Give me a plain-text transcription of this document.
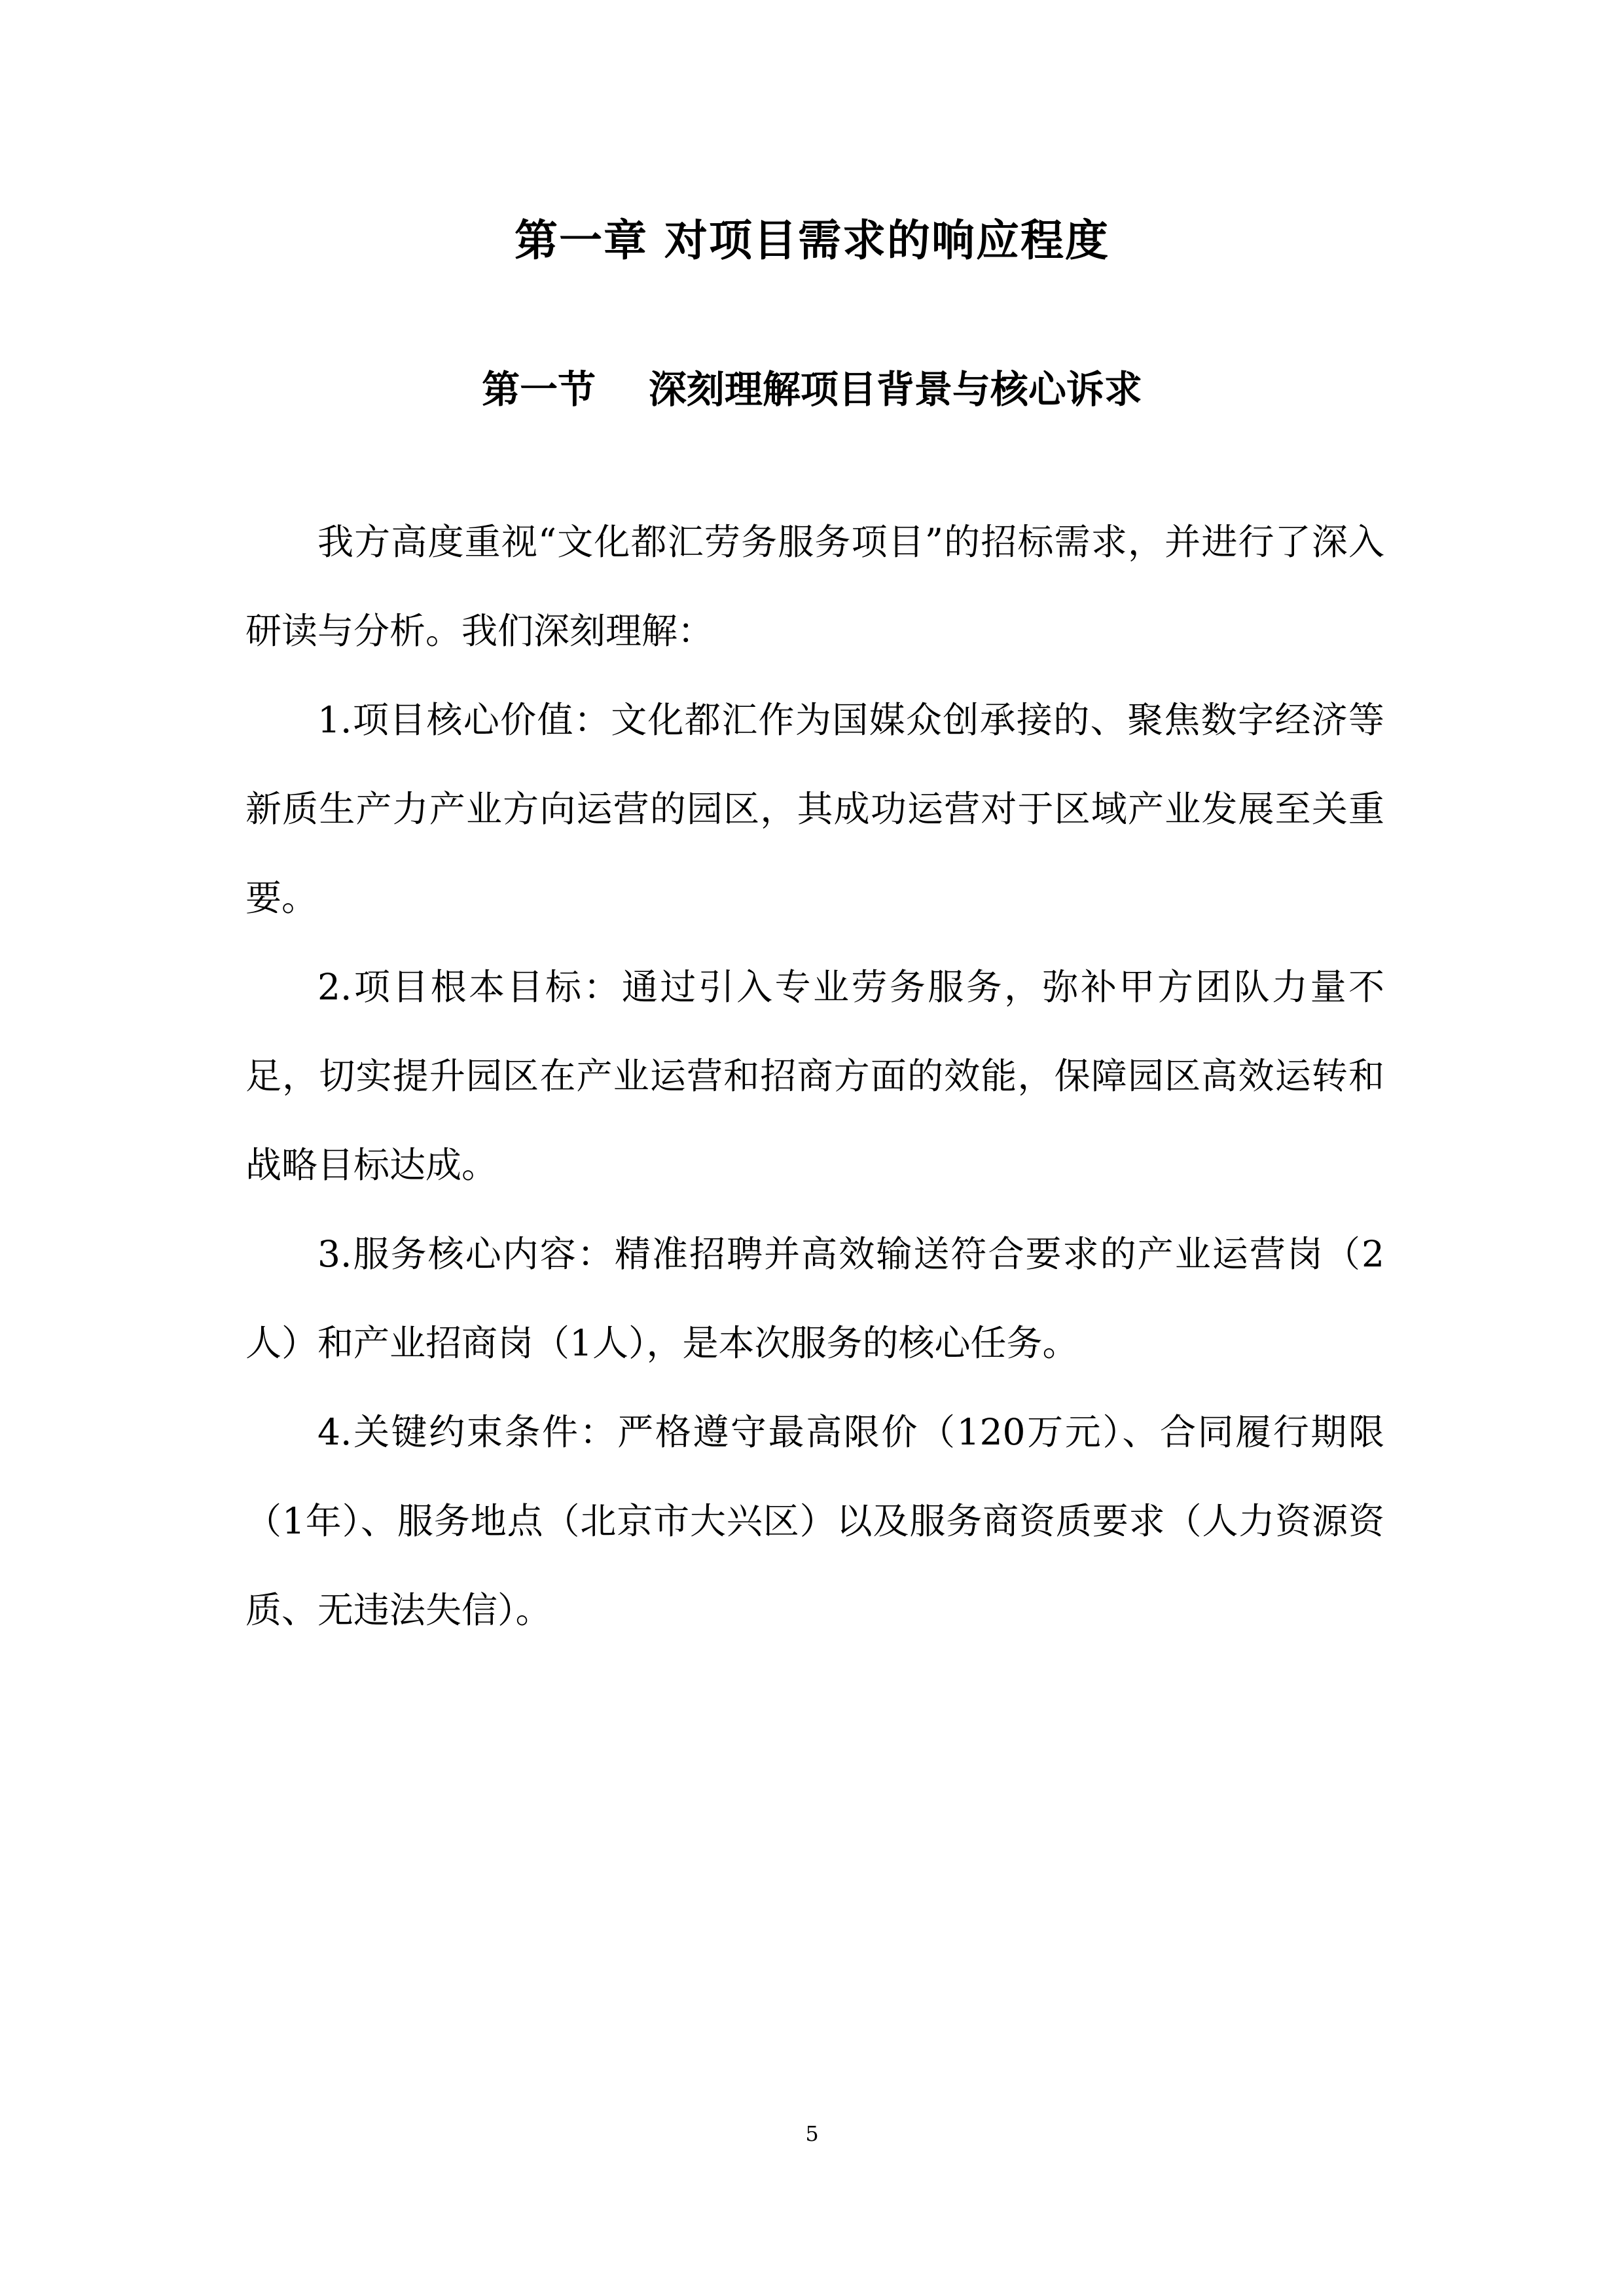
第一章 对项目需求的响应程度
第一节    深刻理解项目背景与核心诉求

我方高度重视“文化都汇劳务服务项目”的招标需求，并进行了深入研读与分析。我们深刻理解：

1.项目核心价值：文化都汇作为国媒众创承接的、聚焦数字经济等新质生产力产业方向运营的园区，其成功运营对于区域产业发展至关重要。

2.项目根本目标：通过引入专业劳务服务，弥补甲方团队力量不足，切实提升园区在产业运营和招商方面的效能，保障园区高效运转和战略目标达成。

3.服务核心内容：精准招聘并高效输送符合要求的产业运营岗（2人）和产业招商岗（1人），是本次服务的核心任务。

4.关键约束条件：严格遵守最高限价（120万元）、合同履行期限（1年）、服务地点（北京市大兴区）以及服务商资质要求（人力资源资质、无违法失信）。

5
